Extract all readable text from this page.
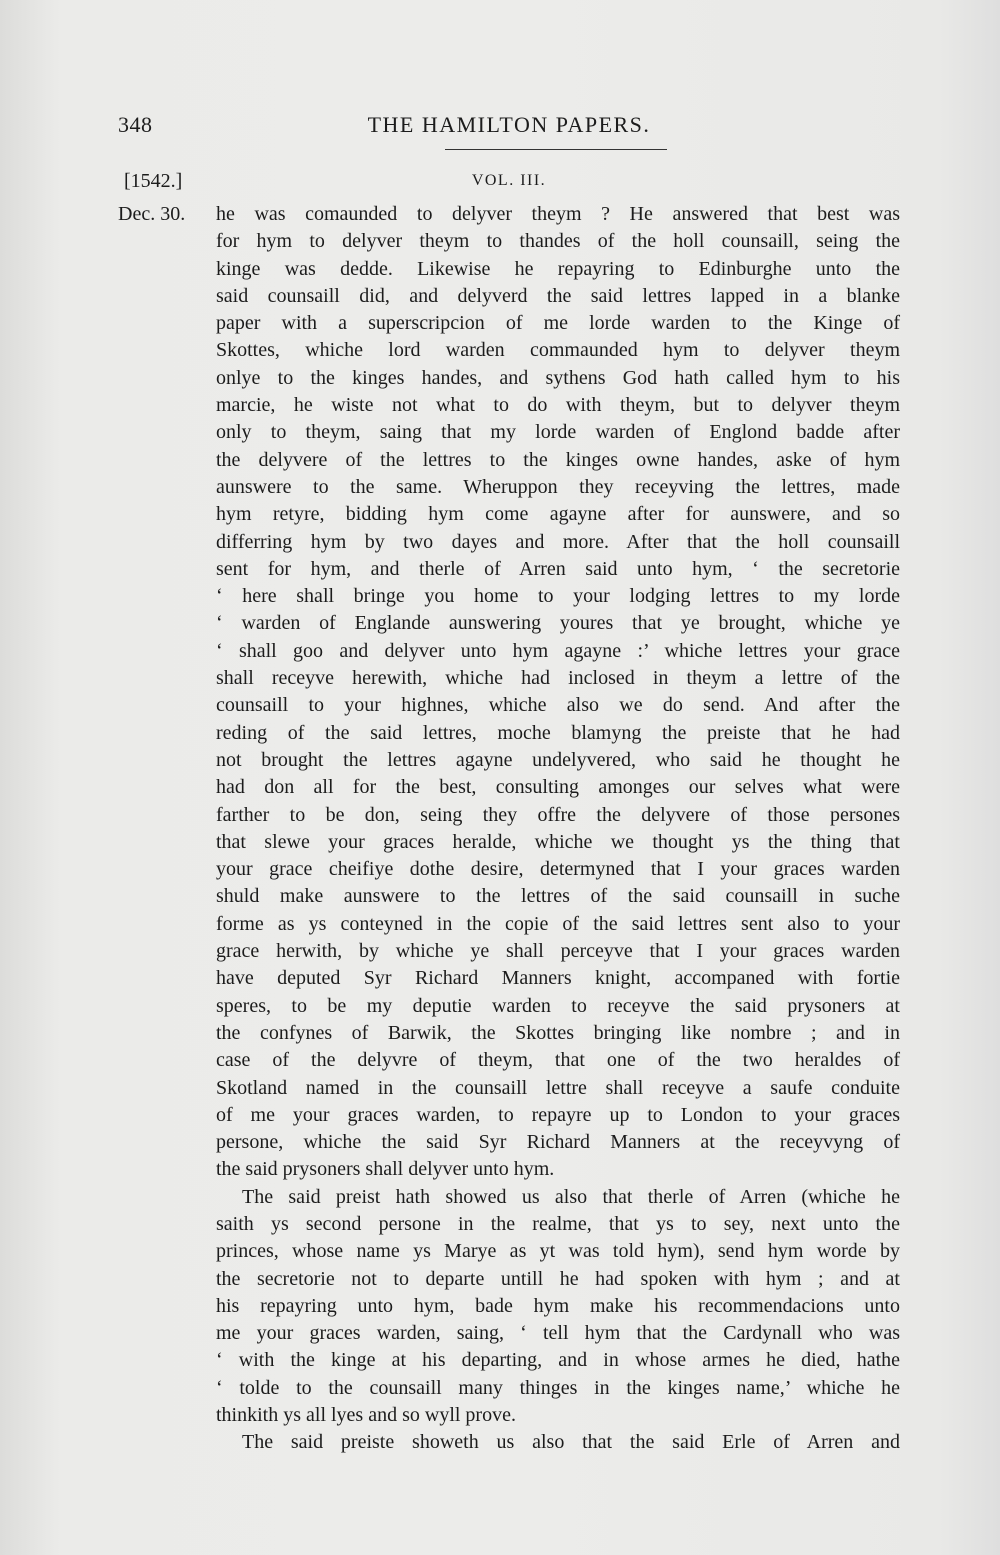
348	THE HAMILTON PAPERS.
[1542.]	VOL. III.
Dec. 30. he was comaunded to delyver theym ? He answered that best was
for hym to delyver theym to thandes of the holl counsaill, seing the
kinge was dedde. Likewise he repayring to Edinburghe unto the
said counsaill did, and delyverd the said lettres lapped in a blanke
paper with a superscripcion of me lorde warden to the Kinge of
Skottes, whiche lord warden commaunded hym to delyver theym
onlye to the kinges handes, and sythens God hath called hym to his
marcie, he wiste not what to do with theym, but to delyver theym
only to theym, saing that my lorde warden of Englond badde after
the delyvere of the lettres to the kinges owne handes, aske of hym
aunswere to the same. Wheruppon they receyving the lettres, made
hym retyre, bidding hym come agayne after for aunswere, and so
differring hym by two dayes and more. After that the holl counsaill
sent for hym, and therle of Arren said unto hym, ‘ the secretorie
‘ here shall bringe you home to your lodging lettres to my lorde
‘ warden of Englande aunswering youres that ye brought, whiche ye
‘ shall goo and delyver unto hym agayne :’ whiche lettres your grace
shall receyve herewith, whiche had inclosed in theym a lettre of the
counsaill to your highnes, whiche also we do send. And after the
reding of the said lettres, moche blamyng the preiste that he had
not brought the lettres agayne undelyvered, who said he thought he
had don all for the best, consulting amonges our selves what were
farther to be don, seing they offre the delyvere of those persones
that slewe your graces heralde, whiche we thought ys the thing that
your grace cheifiye dothe desire, determyned that I your graces warden
shuld make aunswere to the lettres of the said counsaill in suche
forme as ys conteyned in the copie of the said lettres sent also to your
grace herwith, by whiche ye shall perceyve that I your graces warden
have deputed Syr Richard Manners knight, accompaned with fortie
speres, to be my deputie warden to receyve the said prysoners at
the confynes of Barwik, the Skottes bringing like nombre ; and in
case of the delyvre of theym, that one of the two heraldes of
Skotland named in the counsaill lettre shall receyve a saufe conduite
of me your graces warden, to repayre up to London to your graces
persone, whiche the said Syr Richard Manners at the receyvyng of
the said prysoners shall delyver unto hym.
The said preist hath showed us also that therle of Arren (whiche he
saith ys second persone in the realme, that ys to sey, next unto the
princes, whose name ys Marye as yt was told hym), send hym worde by
the secretorie not to departe untill he had spoken with hym ; and at
his repayring unto hym, bade hym make his recommendacions unto
me your graces warden, saing, ‘ tell hym that the Cardynall who was
‘ with the kinge at his departing, and in whose armes he died, hathe
‘ tolde to the counsaill many thinges in the kinges name,’ whiche he
thinkith ys all lyes and so wyll prove.
The said preiste showeth us also that the said Erle of Arren and
